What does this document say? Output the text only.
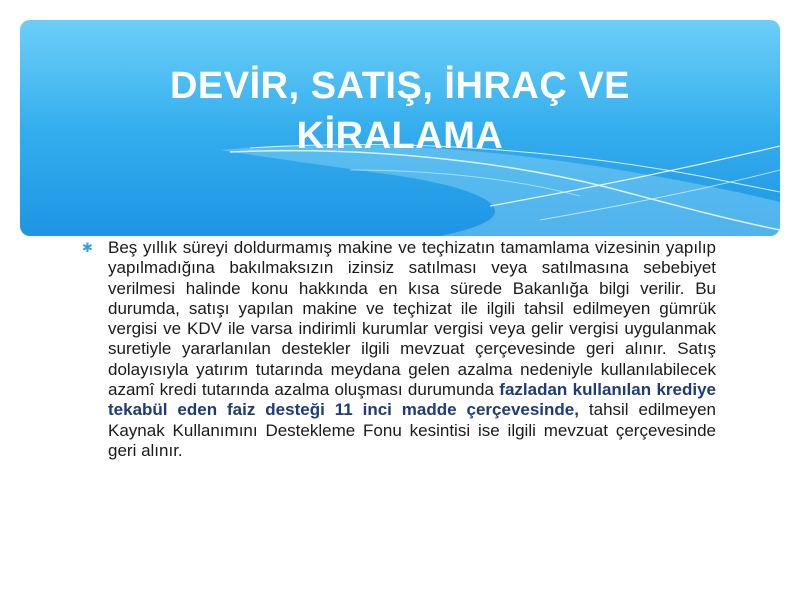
DEVİR, SATIŞ, İHRAÇ VE
KİRALAMA
✱ Beş yıllık süreyi doldurmamış makine ve teçhizatın tamamlama vizesinin yapılıp yapılmadığına bakılmaksızın izinsiz satılması veya satılmasına sebebiyet verilmesi halinde konu hakkında en kısa sürede Bakanlığa bilgi verilir. Bu durumda, satışı yapılan makine ve teçhizat ile ilgili tahsil edilmeyen gümrük vergisi ve KDV ile varsa indirimli kurumlar vergisi veya gelir vergisi uygulanmak suretiyle yararlanılan destekler ilgili mevzuat çerçevesinde geri alınır. Satış dolayısıyla yatırım tutarında meydana gelen azalma nedeniyle kullanılabilecek azamî kredi tutarında azalma oluşması durumunda fazladan kullanılan krediye tekabül eden faiz desteği 11 inci madde çerçevesinde, tahsil edilmeyen Kaynak Kullanımını Destekleme Fonu kesintisi ise ilgili mevzuat çerçevesinde geri alınır.
